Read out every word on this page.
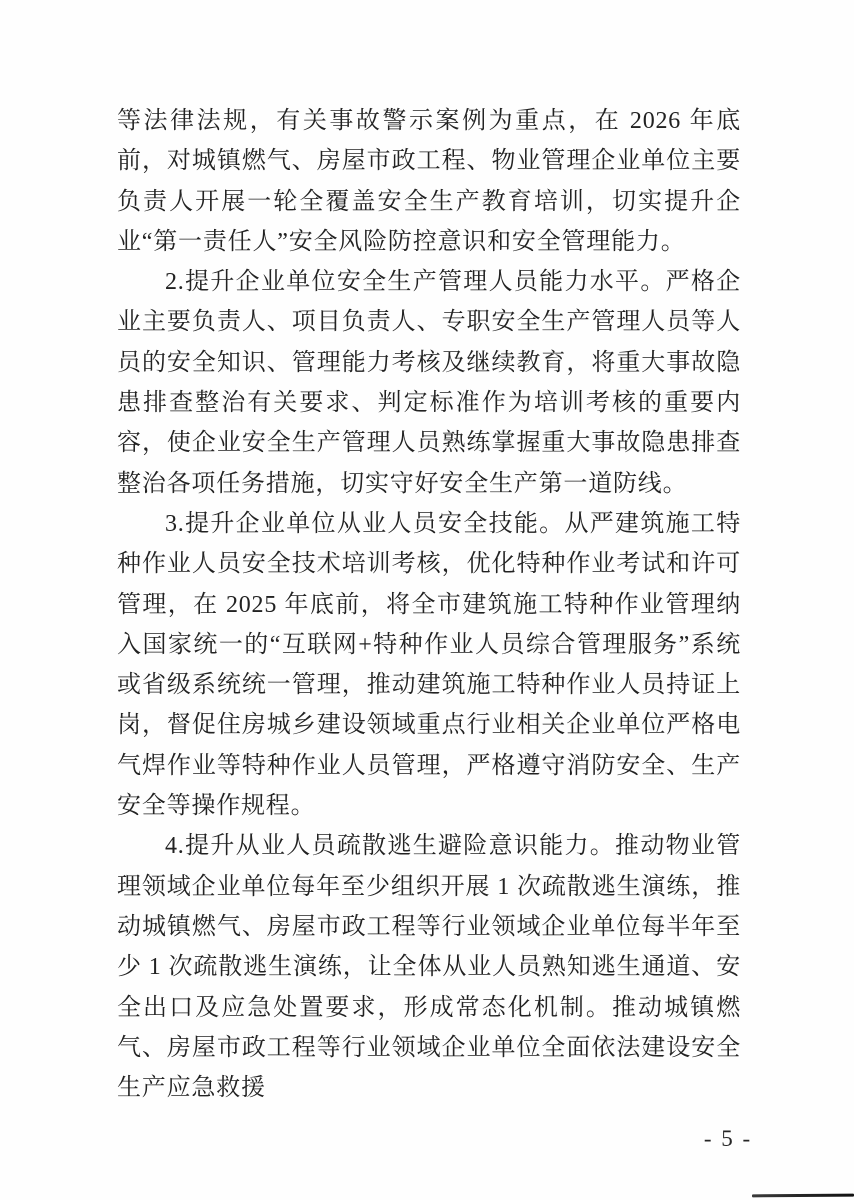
等法律法规，有关事故警示案例为重点，在 2026 年底前，对城镇燃气、房屋市政工程、物业管理企业单位主要负责人开展一轮全覆盖安全生产教育培训，切实提升企业“第一责任人”安全风险防控意识和安全管理能力。

2.提升企业单位安全生产管理人员能力水平。严格企业主要负责人、项目负责人、专职安全生产管理人员等人员的安全知识、管理能力考核及继续教育，将重大事故隐患排查整治有关要求、判定标准作为培训考核的重要内容，使企业安全生产管理人员熟练掌握重大事故隐患排查整治各项任务措施，切实守好安全生产第一道防线。

3.提升企业单位从业人员安全技能。从严建筑施工特种作业人员安全技术培训考核，优化特种作业考试和许可管理，在 2025 年底前，将全市建筑施工特种作业管理纳入国家统一的“互联网+特种作业人员综合管理服务”系统或省级系统统一管理，推动建筑施工特种作业人员持证上岗，督促住房城乡建设领域重点行业相关企业单位严格电气焊作业等特种作业人员管理，严格遵守消防安全、生产安全等操作规程。

4.提升从业人员疏散逃生避险意识能力。推动物业管理领域企业单位每年至少组织开展 1 次疏散逃生演练，推动城镇燃气、房屋市政工程等行业领域企业单位每半年至少 1 次疏散逃生演练，让全体从业人员熟知逃生通道、安全出口及应急处置要求，形成常态化机制。推动城镇燃气、房屋市政工程等行业领域企业单位全面依法建设安全生产应急救援

- 5 -
